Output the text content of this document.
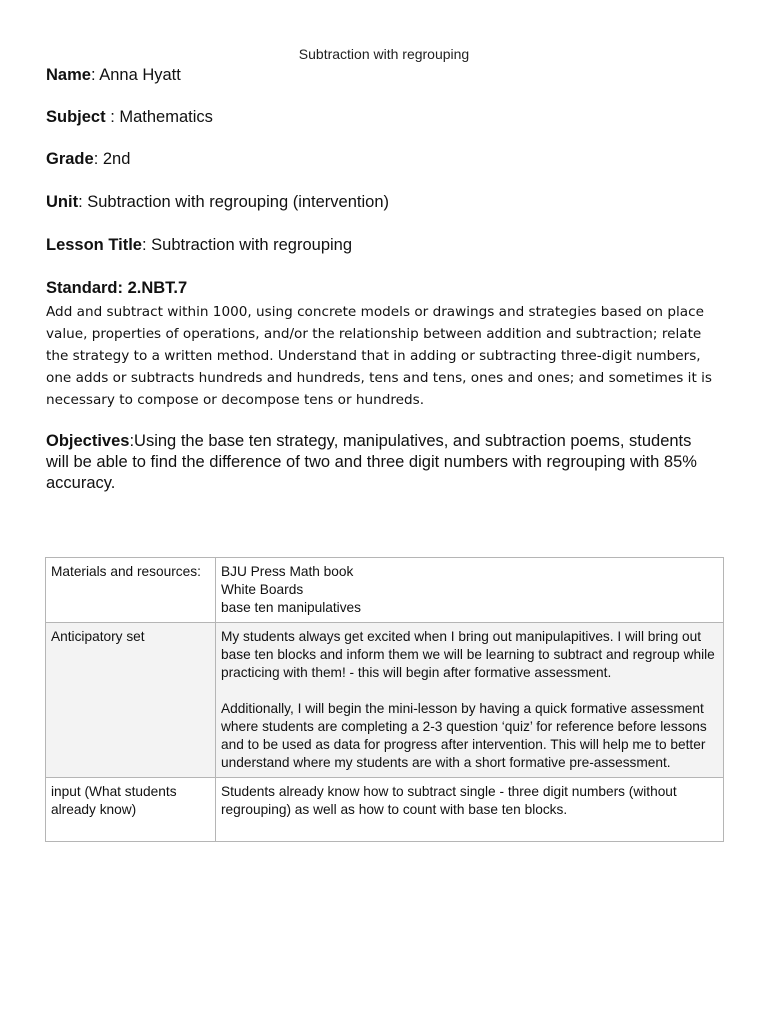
Subtraction with regrouping
Name: Anna Hyatt
Subject : Mathematics
Grade: 2nd
Unit: Subtraction with regrouping (intervention)
Lesson Title: Subtraction with regrouping
Standard: 2.NBT.7
Add and subtract within 1000, using concrete models or drawings and strategies based on place value, properties of operations, and/or the relationship between addition and subtraction; relate the strategy to a written method. Understand that in adding or subtracting three-digit numbers, one adds or subtracts hundreds and hundreds, tens and tens, ones and ones; and sometimes it is necessary to compose or decompose tens or hundreds.
Objectives:Using the base ten strategy, manipulatives, and subtraction poems, students will be able to find the difference of two and three digit numbers with regrouping with 85% accuracy.
Materials and resources:	BJU Press Math book
White Boards
base ten manipulatives

Anticipatory set	My students always get excited when I bring out manipulapitives. I will bring out base ten blocks and inform them we will be learning to subtract and regroup while practicing with them! - this will begin after formative assessment.
Additionally, I will begin the mini-lesson by having a quick formative assessment where students are completing a 2-3 question ‘quiz’ for reference before lessons and to be used as data for progress after intervention. This will help me to better understand where my students are with a short formative pre-assessment.

input (What students already know)	Students already know how to subtract single - three digit numbers (without regrouping) as well as how to count with base ten blocks.
